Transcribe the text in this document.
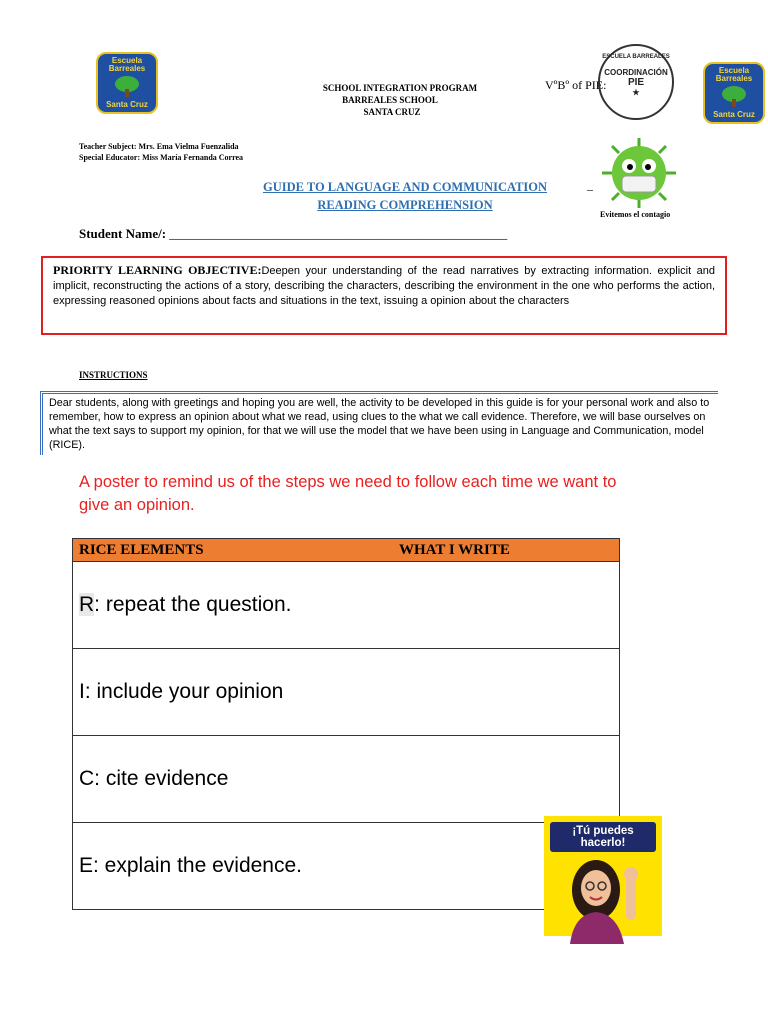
Escuela
Barreales
Santa Cruz
SCHOOL INTEGRATION PROGRAM
BARREALES SCHOOL
SANTA CRUZ
VºBº of PIE:
ESCUELA BARREALES
COORDINACIÓN
PIE
★
Escuela
Barreales
Santa Cruz
Teacher Subject: Mrs. Ema Vielma Fuenzalida
Special Educator: Miss María Fernanda Correa
GUIDE TO LANGUAGE AND COMMUNICATION
READING COMPREHENSION
_
Evitemos el contagio
Student Name/: ____________________________________________________
PRIORITY LEARNING OBJECTIVE:Deepen your understanding of the read narratives by extracting information. explicit and implicit, reconstructing the actions of a story, describing the characters, describing the environment in the one who performs the action, expressing reasoned opinions about facts and situations in the text, issuing a opinion about the characters
INSTRUCTIONS
Dear students, along with greetings and hoping you are well, the activity to be developed in this guide is for your personal work and also to remember, how to express an opinion about what we read, using clues to the what we call evidence. Therefore, we will base ourselves on what the text says to support my opinion, for that we will use the model that we have been using in Language and Communication, model (RICE).
A poster to remind us of the steps we need to follow each time we want to give an opinion.
RICE ELEMENTS	WHAT I WRITE
R: repeat the question.
I: include your opinion
C: cite evidence
E: explain the evidence.
¡Tú puedes hacerlo!
